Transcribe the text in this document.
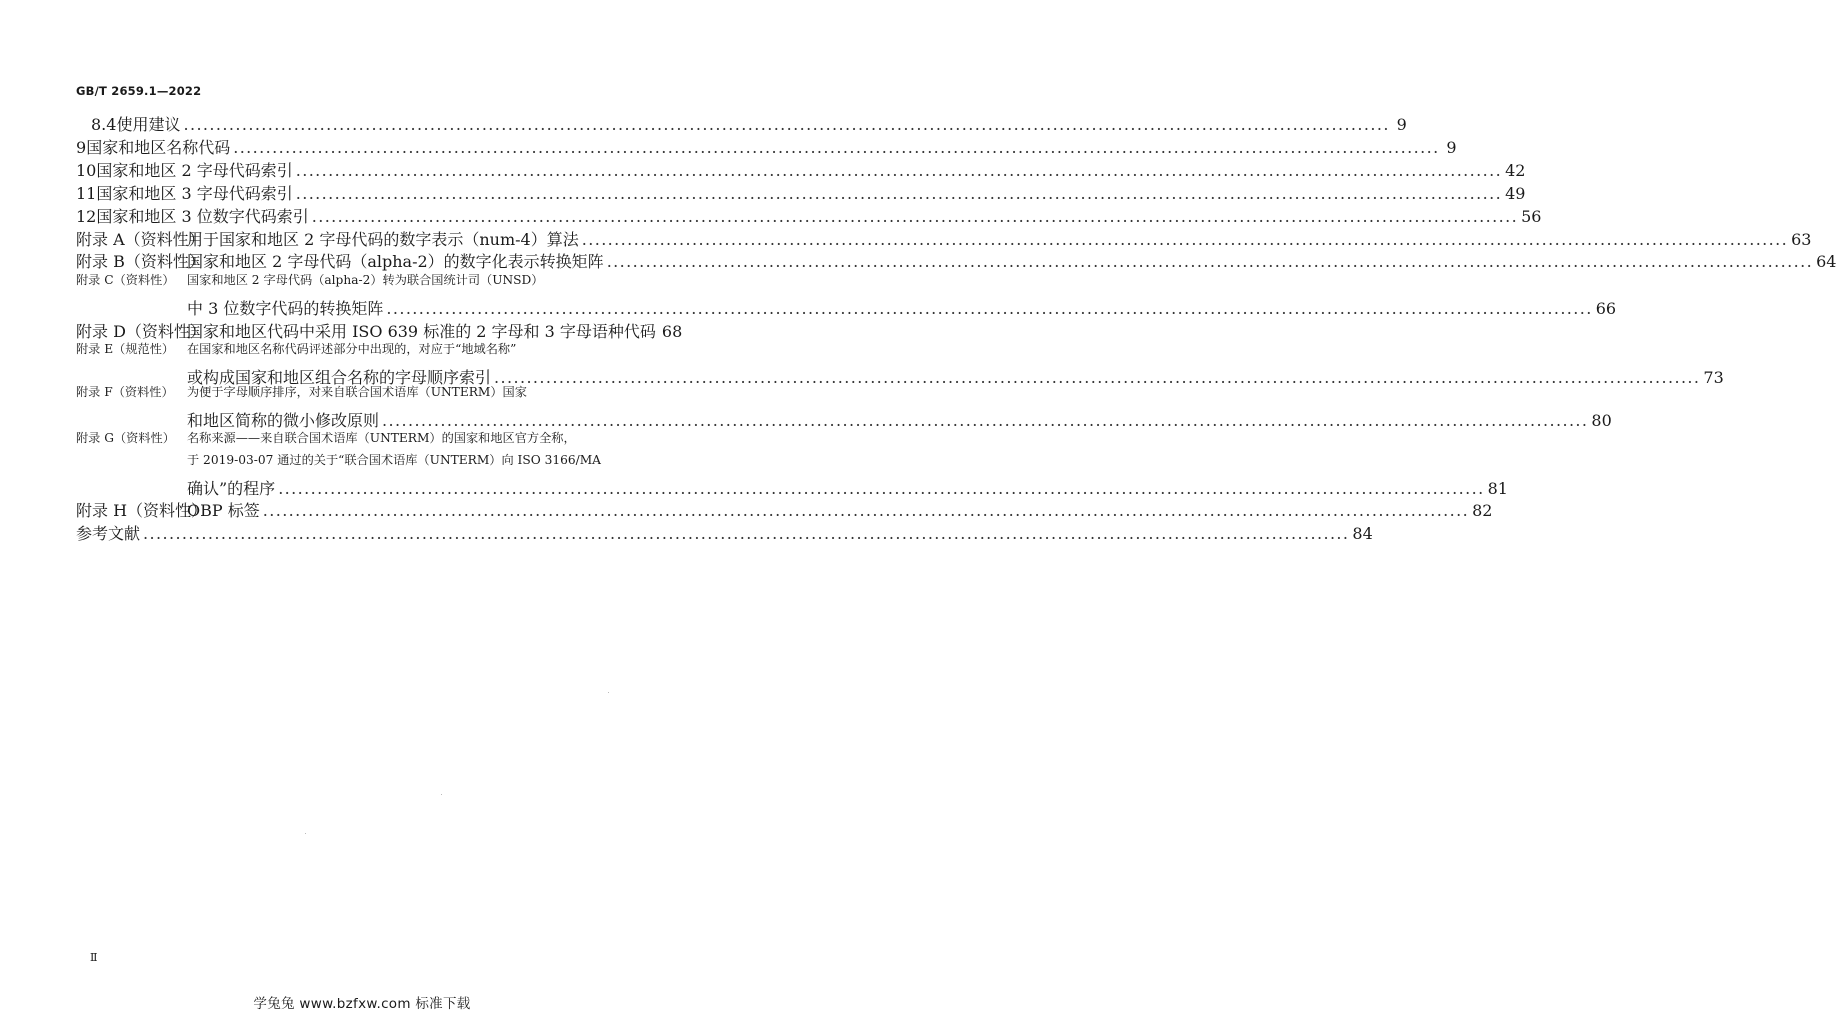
GB/T 2659.1—2022
8.4 使用建议 .......................................................................................................................................................................................... 9
9 国家和地区名称代码 .......................................................................................................................................................................................... 9
10 国家和地区 2 字母代码索引 .......................................................................................................................................................................................... 42
11 国家和地区 3 字母代码索引 .......................................................................................................................................................................................... 49
12 国家和地区 3 位数字代码索引 .......................................................................................................................................................................................... 56
附录 A（资料性）
用于国家和地区 2 字母代码的数字表示（num-4）算法 .......................................................................................................................................................................................... 63
附录 B（资料性）
国家和地区 2 字母代码（alpha-2）的数字化表示转换矩阵 .......................................................................................................................................................................................... 64
附录 C（资料性） 国家和地区 2 字母代码（alpha-2）转为联合国统计司（UNSD）
中 3 位数字代码的转换矩阵 .......................................................................................................................................................................................... 66
附录 D（资料性）
国家和地区代码中采用 ISO 639 标准的 2 字母和 3 字母语种代码 68
附录 E（规范性） 在国家和地区名称代码评述部分中出现的，对应于“地域名称”
或构成国家和地区组合名称的字母顺序索引 .......................................................................................................................................................................................... 73
附录 F（资料性） 为便于字母顺序排序，对来自联合国术语库（UNTERM）国家
和地区简称的微小修改原则 .......................................................................................................................................................................................... 80
附录 G（资料性） 名称来源——来自联合国术语库（UNTERM）的国家和地区官方全称，
于 2019-03-07 通过的关于“联合国术语库（UNTERM）向 ISO 3166/MA
确认”的程序 .......................................................................................................................................................................................... 81
附录 H（资料性）
OBP 标签 .......................................................................................................................................................................................... 82
参考文献 .......................................................................................................................................................................................... 84
Ⅱ
学兔兔 www.bzfxw.com 标准下载
